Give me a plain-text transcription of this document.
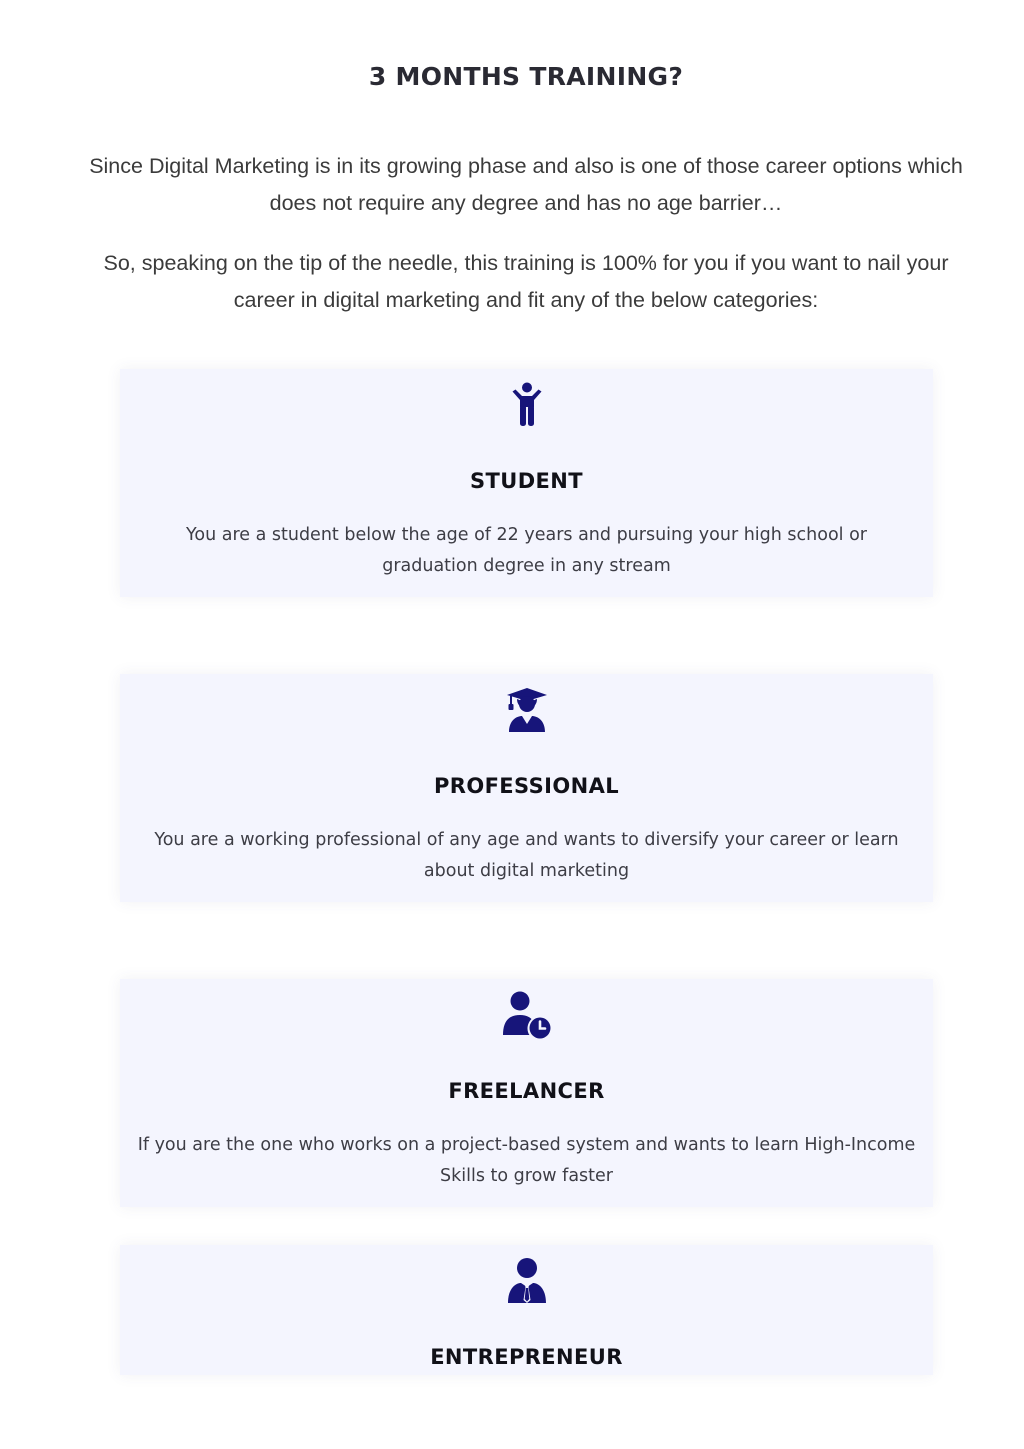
3 MONTHS TRAINING?

Since Digital Marketing is in its growing phase and also is one of those career options which does not require any degree and has no age barrier…

So, speaking on the tip of the needle, this training is 100% for you if you want to nail your career in digital marketing and fit any of the below categories:

STUDENT

You are a student below the age of 22 years and pursuing your high school or graduation degree in any stream

PROFESSIONAL

You are a working professional of any age and wants to diversify your career or learn about digital marketing

FREELANCER

If you are the one who works on a project-based system and wants to learn High-Income Skills to grow faster

ENTREPRENEUR
